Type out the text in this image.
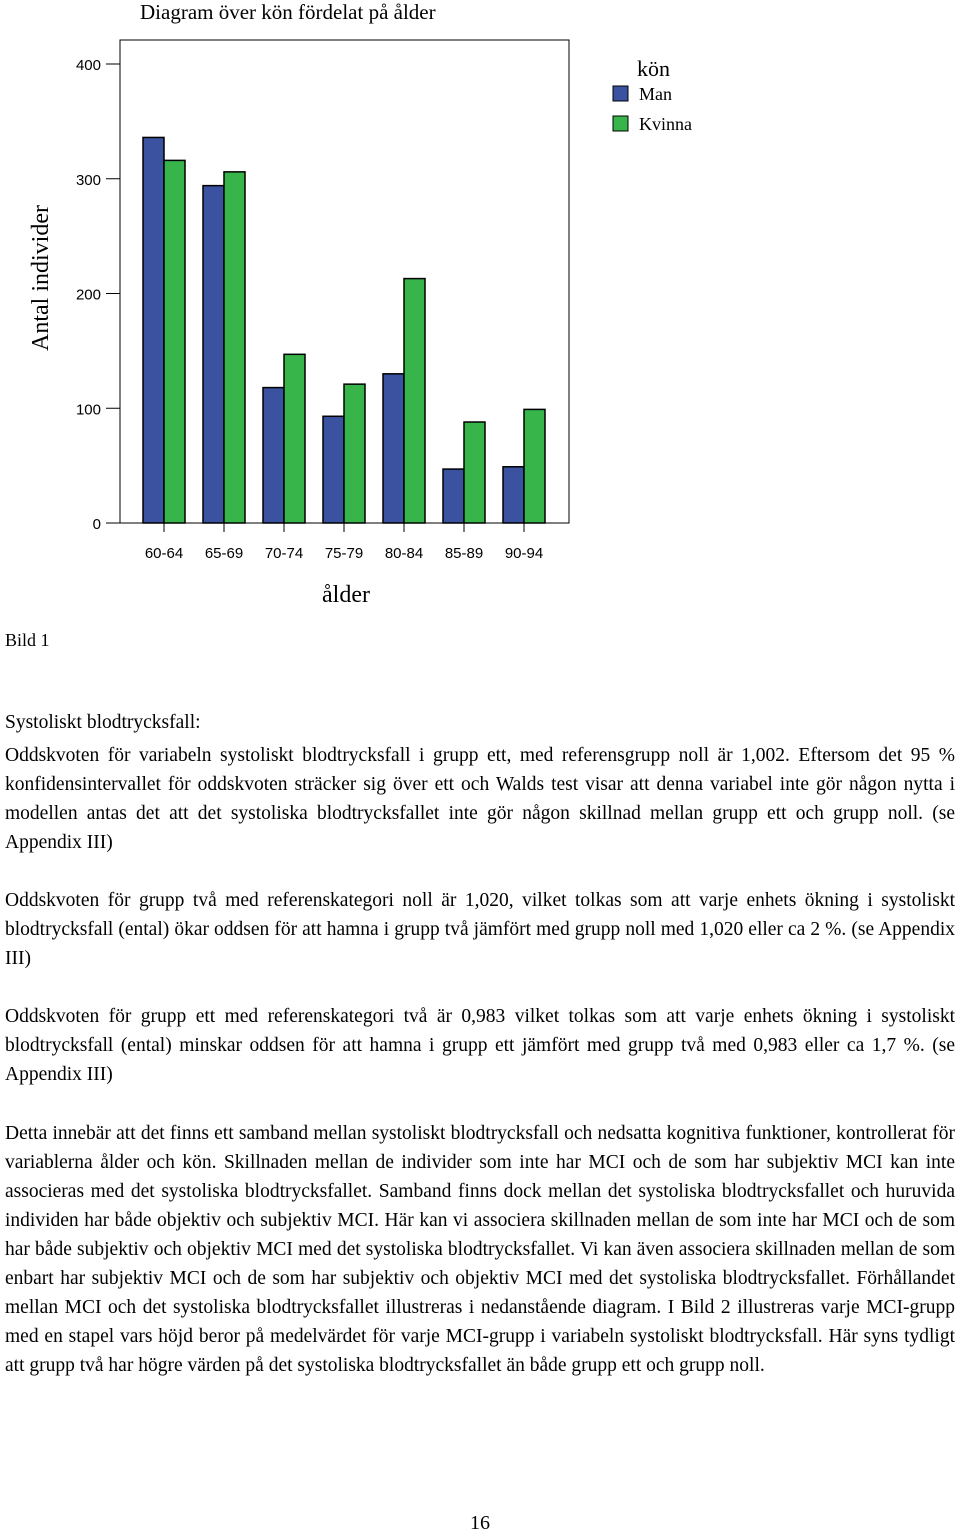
Diagram över kön fördelat på ålder
Antal individer
0
100
200
300
400
60-64 65-69 70-74 75-79 80-84 85-89 90-94
ålder
kön
Man
Kvinna
Bild 1
Systoliskt blodtrycksfall:

Oddskvoten för variabeln systoliskt blodtrycksfall i grupp ett, med referensgrupp noll är 1,002. Eftersom det 95 % konfidensintervallet för oddskvoten sträcker sig över ett och Walds test visar att denna variabel inte gör någon nytta i modellen antas det att det systoliska blodtrycksfallet inte gör någon skillnad mellan grupp ett och grupp noll. (se Appendix III)

Oddskvoten för grupp två med referenskategori noll är 1,020, vilket tolkas som att varje enhets ökning i systoliskt blodtrycksfall (ental) ökar oddsen för att hamna i grupp två jämfört med grupp noll med 1,020 eller ca 2 %. (se Appendix III)

Oddskvoten för grupp ett med referenskategori två är 0,983 vilket tolkas som att varje enhets ökning i systoliskt blodtrycksfall (ental) minskar oddsen för att hamna i grupp ett jämfört med grupp två med 0,983 eller ca 1,7 %. (se Appendix III)

Detta innebär att det finns ett samband mellan systoliskt blodtrycksfall och nedsatta kognitiva funktioner, kontrollerat för variablerna ålder och kön. Skillnaden mellan de individer som inte har MCI och de som har subjektiv MCI kan inte associeras med det systoliska blodtrycksfallet. Samband finns dock mellan det systoliska blodtrycksfallet och huruvida individen har både objektiv och subjektiv MCI. Här kan vi associera skillnaden mellan de som inte har MCI och de som har både subjektiv och objektiv MCI med det systoliska blodtrycksfallet. Vi kan även associera skillnaden mellan de som enbart har subjektiv MCI och de som har subjektiv och objektiv MCI med det systoliska blodtrycksfallet. Förhållandet mellan MCI och det systoliska blodtrycksfallet illustreras i nedanstående diagram. I Bild 2 illustreras varje MCI-grupp med en stapel vars höjd beror på medelvärdet för varje MCI-grupp i variabeln systoliskt blodtrycksfall. Här syns tydligt att grupp två har högre värden på det systoliska blodtrycksfallet än både grupp ett och grupp noll.

16
